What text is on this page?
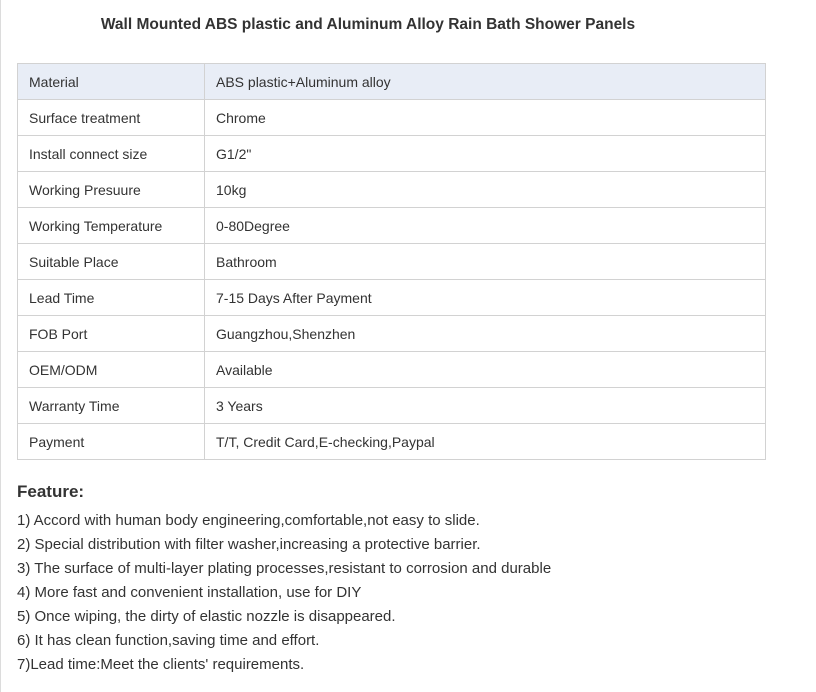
Wall Mounted ABS plastic and Aluminum Alloy Rain Bath Shower Panels
Material	ABS plastic+Aluminum alloy
Surface treatment	Chrome
Install connect size	G1/2"
Working Presuure	10kg
Working Temperature	0-80Degree
Suitable Place	Bathroom
Lead Time	7-15 Days After Payment
FOB Port	Guangzhou,Shenzhen
OEM/ODM	Available
Warranty Time	3 Years
Payment	T/T, Credit Card,E-checking,Paypal
Feature:
1) Accord with human body engineering,comfortable,not easy to slide.
2) Special distribution with filter washer,increasing a protective barrier.
3) The surface of multi-layer plating processes,resistant to corrosion and durable
4) More fast and convenient installation, use for DIY
5) Once wiping, the dirty of elastic nozzle is disappeared.
6) It has clean function,saving time and effort.
7)Lead time:Meet the clients' requirements.
